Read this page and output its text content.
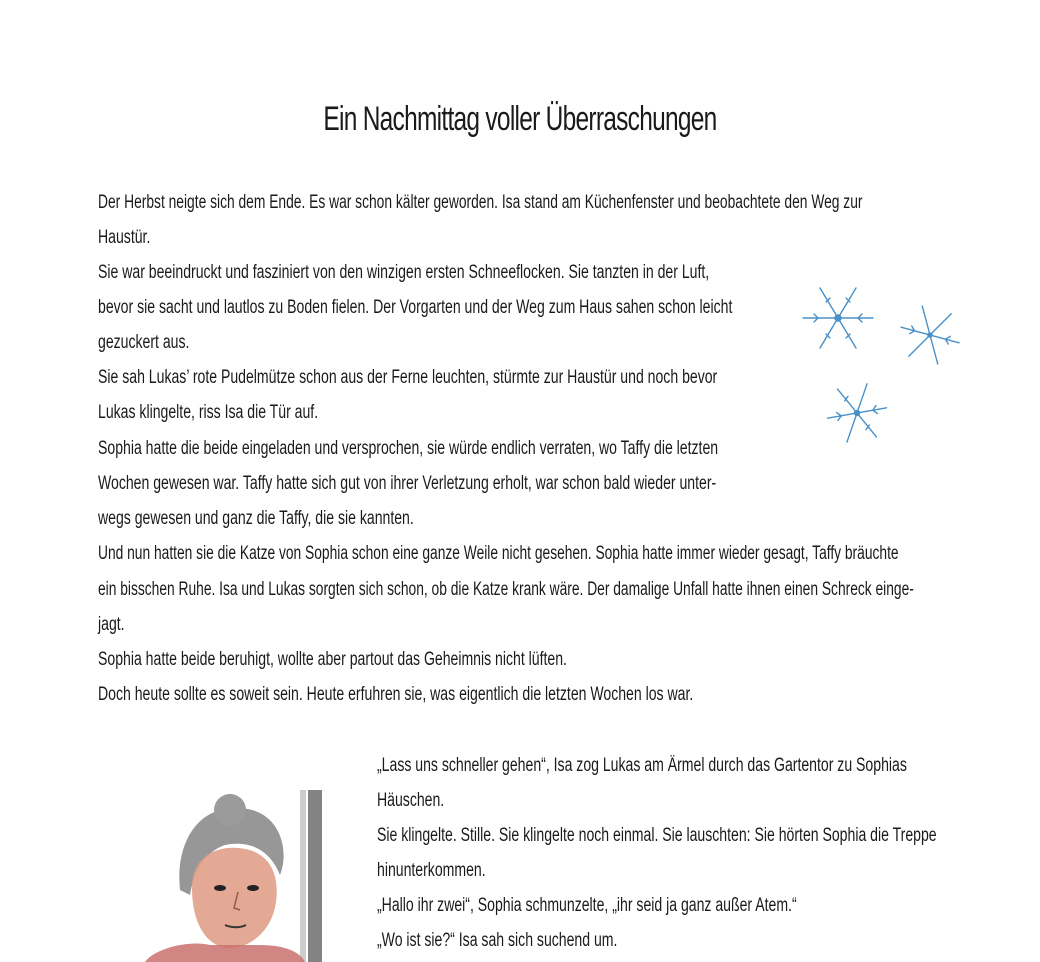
Ein Nachmittag voller Überraschungen
Der Herbst neigte sich dem Ende. Es war schon kälter geworden. Isa stand am Küchenfenster und beobachtete den Weg zur
Haustür.
Sie war beeindruckt und fasziniert von den winzigen ersten Schneeflocken. Sie tanzten in der Luft,
bevor sie sacht und lautlos zu Boden fielen. Der Vorgarten und der Weg zum Haus sahen schon leicht
gezuckert aus.
Sie sah Lukas’ rote Pudelmütze schon aus der Ferne leuchten, stürmte zur Haustür und noch bevor
Lukas klingelte, riss Isa die Tür auf.
Sophia hatte die beide eingeladen und versprochen, sie würde endlich verraten, wo Taffy die letzten
Wochen gewesen war. Taffy hatte sich gut von ihrer Verletzung erholt, war schon bald wieder unter-
wegs gewesen und ganz die Taffy, die sie kannten.
Und nun hatten sie die Katze von Sophia schon eine ganze Weile nicht gesehen. Sophia hatte immer wieder gesagt, Taffy bräuchte
ein bisschen Ruhe. Isa und Lukas sorgten sich schon, ob die Katze krank wäre. Der damalige Unfall hatte ihnen einen Schreck einge-
jagt.
Sophia hatte beide beruhigt, wollte aber partout das Geheimnis nicht lüften.
Doch heute sollte es soweit sein. Heute erfuhren sie, was eigentlich die letzten Wochen los war.
„Lass uns schneller gehen“, Isa zog Lukas am Ärmel durch das Gartentor zu Sophias
Häuschen.
Sie klingelte. Stille. Sie klingelte noch einmal. Sie lauschten: Sie hörten Sophia die Treppe
hinunterkommen.
„Hallo ihr zwei“, Sophia schmunzelte, „ihr seid ja ganz außer Atem.“
„Wo ist sie?“ Isa sah sich suchend um.
